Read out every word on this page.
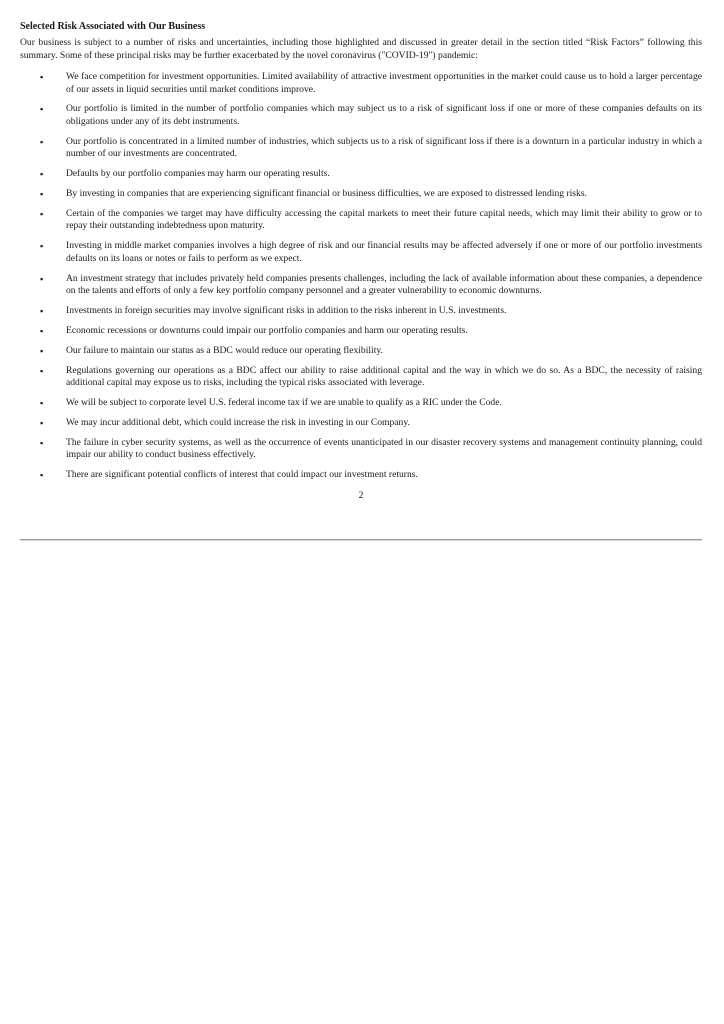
Selected Risk Associated with Our Business

Our business is subject to a number of risks and uncertainties, including those highlighted and discussed in greater detail in the section titled “Risk Factors” following this summary. Some of these principal risks may be further exacerbated by the novel coronavirus ("COVID-19") pandemic:

▪	We face competition for investment opportunities. Limited availability of attractive investment opportunities in the market could cause us to hold a larger percentage of our assets in liquid securities until market conditions improve.
▪	Our portfolio is limited in the number of portfolio companies which may subject us to a risk of significant loss if one or more of these companies defaults on its obligations under any of its debt instruments.
▪	Our portfolio is concentrated in a limited number of industries, which subjects us to a risk of significant loss if there is a downturn in a particular industry in which a number of our investments are concentrated.
▪	Defaults by our portfolio companies may harm our operating results.
▪	By investing in companies that are experiencing significant financial or business difficulties, we are exposed to distressed lending risks.
▪	Certain of the companies we target may have difficulty accessing the capital markets to meet their future capital needs, which may limit their ability to grow or to repay their outstanding indebtedness upon maturity.
▪	Investing in middle market companies involves a high degree of risk and our financial results may be affected adversely if one or more of our portfolio investments defaults on its loans or notes or fails to perform as we expect.
▪	An investment strategy that includes privately held companies presents challenges, including the lack of available information about these companies, a dependence on the talents and efforts of only a few key portfolio company personnel and a greater vulnerability to economic downturns.
▪	Investments in foreign securities may involve significant risks in addition to the risks inherent in U.S. investments.
▪	Economic recessions or downturns could impair our portfolio companies and harm our operating results.
▪	Our failure to maintain our status as a BDC would reduce our operating flexibility.
▪	Regulations governing our operations as a BDC affect our ability to raise additional capital and the way in which we do so. As a BDC, the necessity of raising additional capital may expose us to risks, including the typical risks associated with leverage.
▪	We will be subject to corporate level U.S. federal income tax if we are unable to qualify as a RIC under the Code.
▪	We may incur additional debt, which could increase the risk in investing in our Company.
▪	The failure in cyber security systems, as well as the occurrence of events unanticipated in our disaster recovery systems and management continuity planning, could impair our ability to conduct business effectively.
▪	There are significant potential conflicts of interest that could impact our investment returns.
2
